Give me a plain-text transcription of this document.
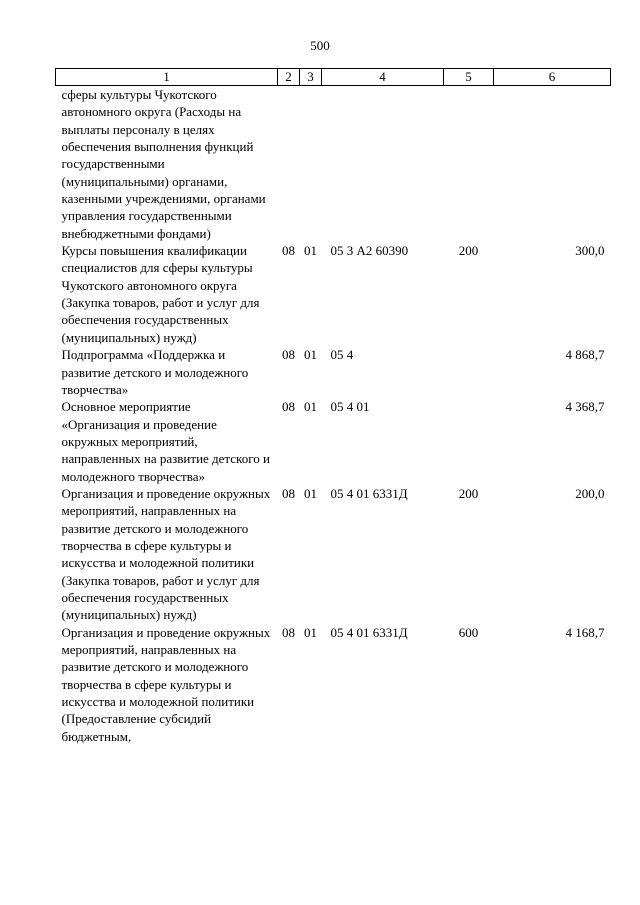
500
1	2	3	4	5	6
сферы культуры Чукотского автономного округа (Расходы на выплаты персоналу в целях обеспечения выполнения функций государственными (муниципальными) органами, казенными учреждениями, органами управления государственными внебюджетными фондами)					
Курсы повышения квалификации специалистов для сферы культуры Чукотского автономного округа (Закупка товаров, работ и услуг для обеспечения государственных (муниципальных) нужд)	08	01	05 3 А2 60390	200	300,0
Подпрограмма «Поддержка и развитие детского и молодежного творчества»	08	01	05 4		4 868,7
Основное мероприятие «Организация и проведение окружных мероприятий, направленных на развитие детского и молодежного творчества»	08	01	05 4 01		4 368,7
Организация и проведение окружных мероприятий, направленных на развитие детского и молодежного творчества в сфере культуры и искусства и молодежной политики (Закупка товаров, работ и услуг для обеспечения государственных (муниципальных) нужд)	08	01	05 4 01 6331Д	200	200,0
Организация и проведение окружных мероприятий, направленных на развитие детского и молодежного творчества в сфере культуры и искусства и молодежной политики (Предоставление субсидий бюджетным,	08	01	05 4 01 6331Д	600	4 168,7
